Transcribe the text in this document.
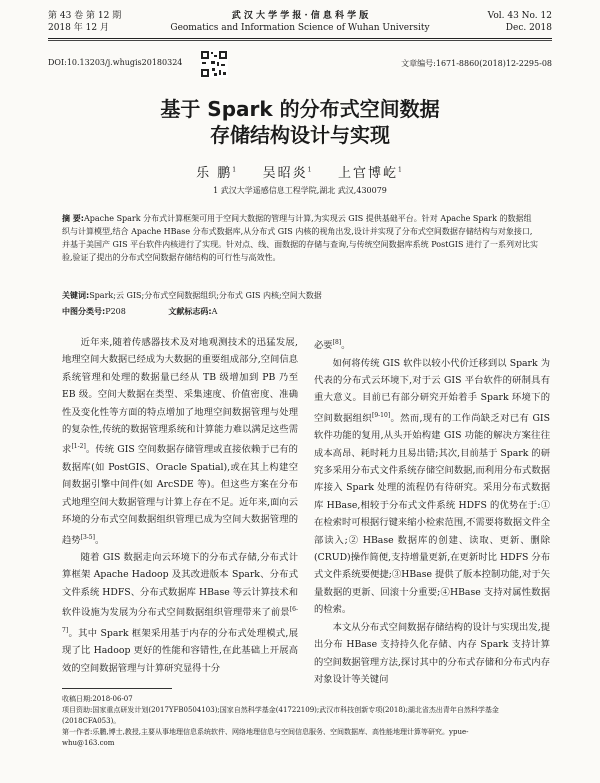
第 43 卷 第 12 期
2018 年 12 月
武 汉 大 学 学 报 · 信 息 科 学 版
Geomatics and Information Science of Wuhan University
Vol. 43 No. 12
Dec. 2018
DOI:10.13203/j.whugis20180324	文章编号:1671-8860(2018)12-2295-08
基于 Spark 的分布式空间数据
存储结构设计与实现
乐 鹏$^1$ 吴昭炎$^1$ 上官博屹$^1$
1 武汉大学遥感信息工程学院,湖北 武汉,430079
摘 要:Apache Spark 分布式计算框架可用于空间大数据的管理与计算,为实现云 GIS 提供基础平台。针对 Apache Spark 的数据组织与计算模型,结合 Apache HBase 分布式数据库,从分布式 GIS 内核的视角出发,设计并实现了分布式空间数据存储结构与对象接口,并基于美国产 GIS 平台软件内核进行了实现。针对点、线、面数据的存储与查询,与传统空间数据库系统 PostGIS 进行了一系列对比实验,验证了提出的分布式空间数据存储结构的可行性与高效性。
关键词:Spark;云 GIS;分布式空间数据组织;分布式 GIS 内核;空间大数据
中图分类号:P208	文献标志码:A

近年来,随着传感器技术及对地观测技术的迅猛发展,地理空间大数据已经成为大数据的重要组成部分,空间信息系统管理和处理的数据量已经从 TB 级增加到 PB 乃至 EB 级。空间大数据在类型、采集速度、价值密度、准确性及变化性等方面的特点增加了地理空间数据管理与处理的复杂性,传统的数据管理系统和计算能力难以满足这些需求[1-2]。传统 GIS 空间数据存储管理或直接依赖于已有的数据库(如 PostGIS、Oracle Spatial),或在其上构建空间数据引擎中间件(如 ArcSDE 等)。但这些方案在分布式地理空间大数据管理与计算上存在不足。近年来,面向云环境的分布式空间数据组织管理已成为空间大数据管理的趋势[3-5]。

随着 GIS 数据走向云环境下的分布式存储,分布式计算框架 Apache Hadoop 及其改进版本 Spark、分布式文件系统 HDFS、分布式数据库 HBase 等云计算技术和软件设施为发展为分布式空间数据组织管理带来了前景[6-7]。其中 Spark 框架采用基于内存的分布式处理模式,展现了比 Hadoop 更好的性能和容错性,在此基础上开展高效的空间数据管理与计算研究显得十分

必要[8]。

如何将传统 GIS 软件以较小代价迁移到以 Spark 为代表的分布式云环境下,对于云 GIS 平台软件的研制具有重大意义。目前已有部分研究开始着手 Spark 环境下的空间数据组织[9-10]。然而,现有的工作尚缺乏对已有 GIS 软件功能的复用,从头开始构建 GIS 功能的解决方案往往成本高昂、耗时耗力且易出错;其次,目前基于 Spark 的研究多采用分布式文件系统存储空间数据,而利用分布式数据库接入 Spark 处理的流程仍有待研究。采用分布式数据库 HBase,相较于分布式文件系统 HDFS 的优势在于:①在检索时可根据行键来缩小检索范围,不需要将数据文件全部读入;② HBase 数据库的创建、读取、更新、删除(CRUD)操作简便,支持增量更新,在更新时比 HDFS 分布式文件系统要便捷;③HBase 提供了版本控制功能,对于矢量数据的更新、回滚十分重要;④HBase 支持对属性数据的检索。

本文从分布式空间数据存储结构的设计与实现出发,提出分布 HBase 支持持久化存储、内存 Spark 支持计算的空间数据管理方法,探讨其中的分布式存储和分布式内存对象设计等关键问

收稿日期:2018-06-07
项目资助:国家重点研发计划(2017YFB0504103);国家自然科学基金(41722109);武汉市科技创新专项(2018);湖北省杰出青年自然科学基金(2018CFA053)。
第一作者:乐鹏,博士,教授,主要从事地理信息系统软件、网络地理信息与空间信息服务、空间数据库、高性能地理计算等研究。ypue-
whu@163.com
